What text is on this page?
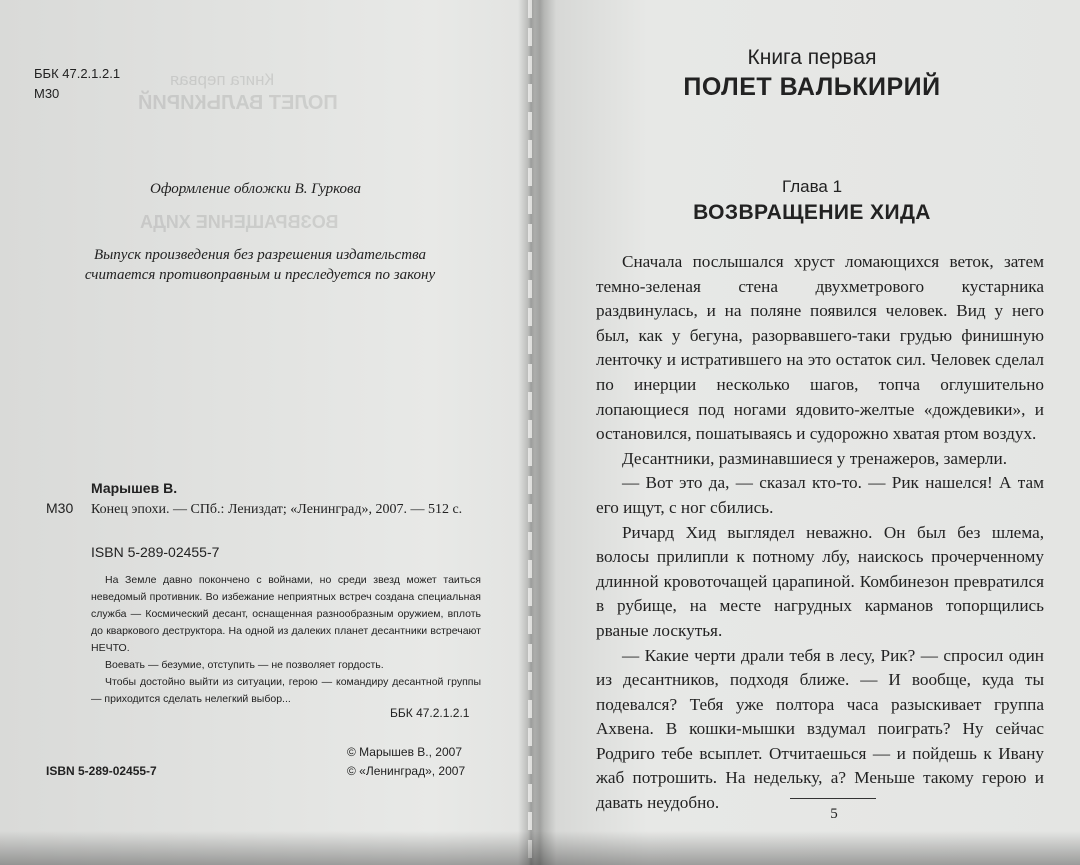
Книга первая
ПОЛЕТ ВАЛЬКИРИЙ
ВОЗВРАЩЕНИЕ ХИДА
ББК 47.2.1.2.1
М30
Оформление обложки В. Гуркова
Выпуск произведения без разрешения издательства считается противоправным и преследуется по закону
Марышев В.
М30 Конец эпохи. — СПб.: Лениздат; «Ленинград», 2007. — 512 с.
ISBN 5-289-02455-7

На Земле давно покончено с войнами, но среди звезд может таиться неведомый противник. Во избежание неприятных встреч создана специальная служба — Космический десант, оснащенная разнообразным оружием, вплоть до кваркового деструктора. На одной из далеких планет десантники встречают НЕЧТО.

Воевать — безумие, отступить — не позволяет гордость.

Чтобы достойно выйти из ситуации, герою — командиру десантной группы — приходится сделать нелегкий выбор...

ББК 47.2.1.2.1
© Марышев В., 2007
© «Ленинград», 2007
ISBN 5-289-02455-7
Книга первая
ПОЛЕТ ВАЛЬКИРИЙ
Глава 1
ВОЗВРАЩЕНИЕ ХИДА

Сначала послышался хруст ломающихся веток, затем темно-зеленая стена двухметрового кустарника раздвинулась, и на поляне появился человек. Вид у него был, как у бегуна, разорвавшего-таки грудью финишную ленточку и истратившего на это остаток сил. Человек сделал по инерции несколько шагов, топча оглушительно лопающиеся под ногами ядовито-желтые «дождевики», и остановился, пошатываясь и судорожно хватая ртом воздух.

Десантники, разминавшиеся у тренажеров, замерли.

— Вот это да, — сказал кто-то. — Рик нашелся! А там его ищут, с ног сбились.

Ричард Хид выглядел неважно. Он был без шлема, волосы прилипли к потному лбу, наискось прочерченному длинной кровоточащей царапиной. Комбинезон превратился в рубище, на месте нагрудных карманов топорщились рваные лоскутья.

— Какие черти драли тебя в лесу, Рик? — спросил один из десантников, подходя ближе. — И вообще, куда ты подевался? Тебя уже полтора часа разыскивает группа Ахвена. В кошки-мышки вздумал поиграть? Ну сейчас Родриго тебе всыплет. Отчитаешься — и пойдешь к Ивану жаб потрошить. На недельку, а? Меньше такому герою и давать неудобно.

5
